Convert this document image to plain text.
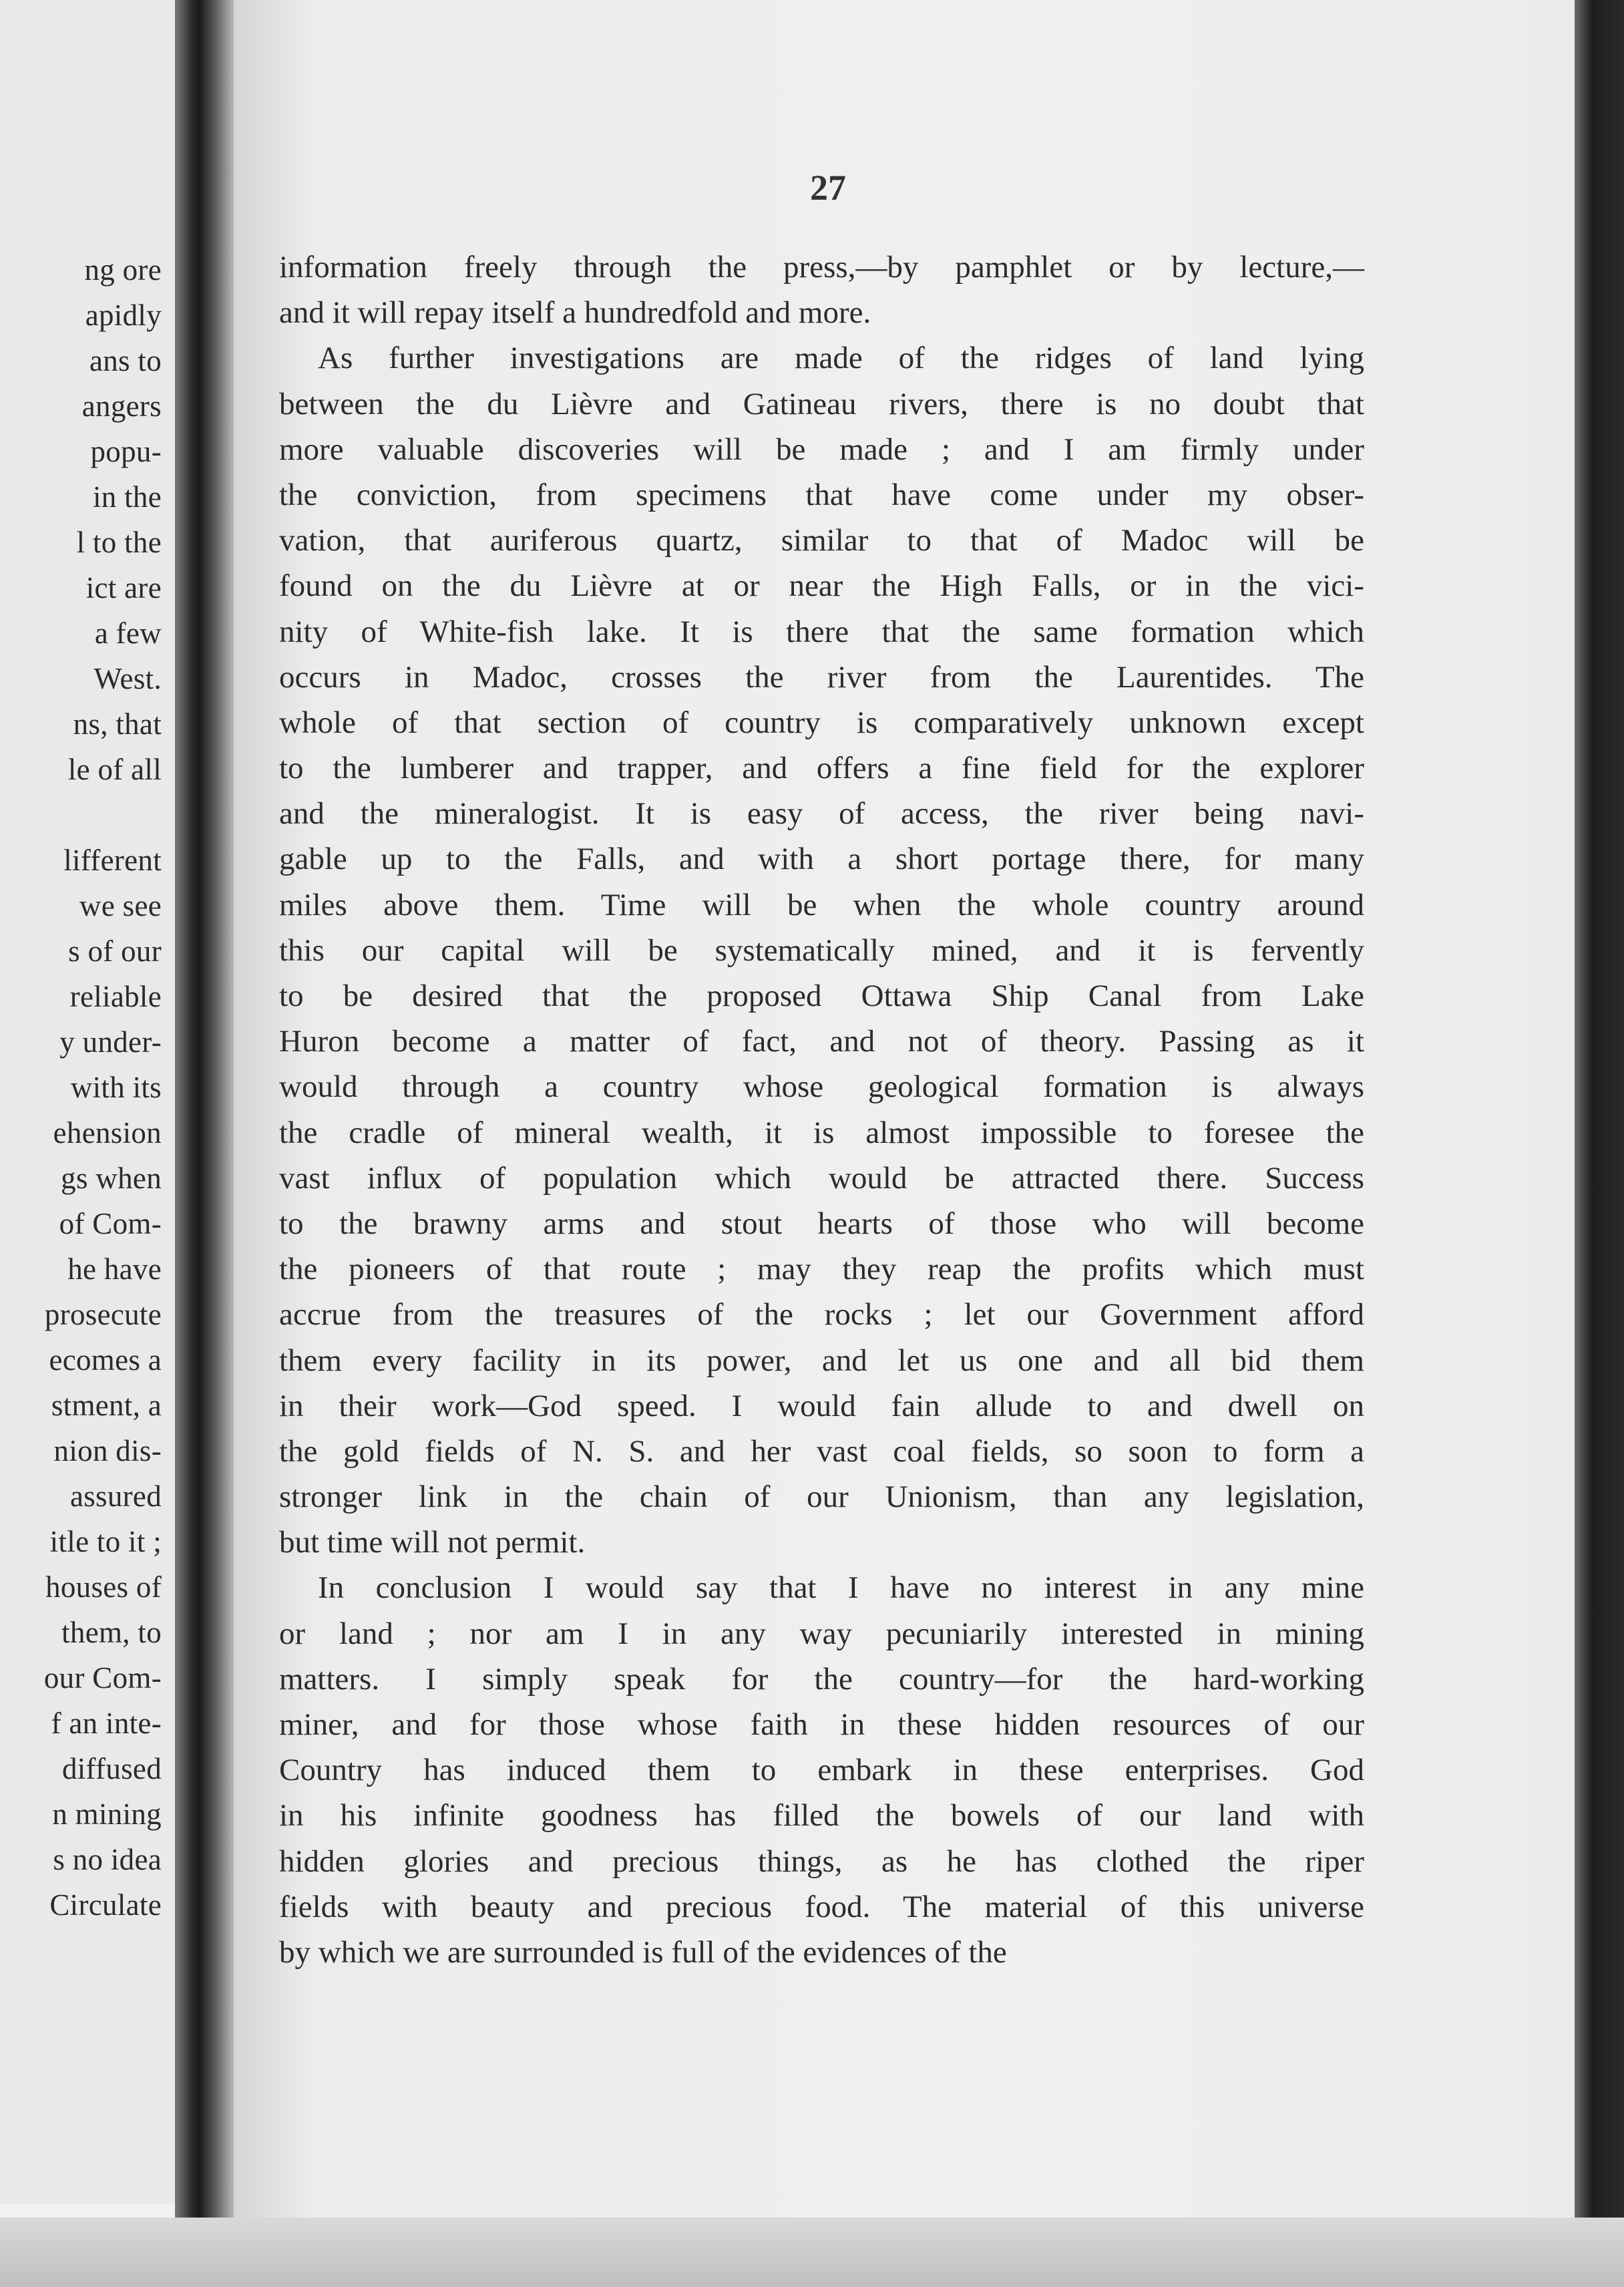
ng ore
apidly
ans to
angers
popu-
in the
l to the
ict are
a few
West.
ns, that
le of all
lifferent
we see
s of our
reliable
y under-
with its
ehension
gs when
of Com-
he have
prosecute
ecomes a
stment, a
nion dis-
assured
itle to it ;
houses of
them, to
our Com-
f an inte-
diffused
n mining
s no idea
Circulate
27
information freely through the press,—by pamphlet or by lecture,—
and it will repay itself a hundredfold and more.
As further investigations are made of the ridges of land lying
between the du Lièvre and Gatineau rivers, there is no doubt that
more valuable discoveries will be made ; and I am firmly under
the conviction, from specimens that have come under my obser-
vation, that auriferous quartz, similar to that of Madoc will be
found on the du Lièvre at or near the High Falls, or in the vici-
nity of White-fish lake. It is there that the same formation which
occurs in Madoc, crosses the river from the Laurentides. The
whole of that section of country is comparatively unknown except
to the lumberer and trapper, and offers a fine field for the explorer
and the mineralogist. It is easy of access, the river being navi-
gable up to the Falls, and with a short portage there, for many
miles above them. Time will be when the whole country around
this our capital will be systematically mined, and it is fervently
to be desired that the proposed Ottawa Ship Canal from Lake
Huron become a matter of fact, and not of theory. Passing as it
would through a country whose geological formation is always
the cradle of mineral wealth, it is almost impossible to foresee the
vast influx of population which would be attracted there. Success
to the brawny arms and stout hearts of those who will become
the pioneers of that route ; may they reap the profits which must
accrue from the treasures of the rocks ; let our Government afford
them every facility in its power, and let us one and all bid them
in their work—God speed. I would fain allude to and dwell on
the gold fields of N. S. and her vast coal fields, so soon to form a
stronger link in the chain of our Unionism, than any legislation,
but time will not permit.
In conclusion I would say that I have no interest in any mine
or land ; nor am I in any way pecuniarily interested in mining
matters. I simply speak for the country—for the hard-working
miner, and for those whose faith in these hidden resources of our
Country has induced them to embark in these enterprises. God
in his infinite goodness has filled the bowels of our land with
hidden glories and precious things, as he has clothed the riper
fields with beauty and precious food. The material of this universe
by which we are surrounded is full of the evidences of the
